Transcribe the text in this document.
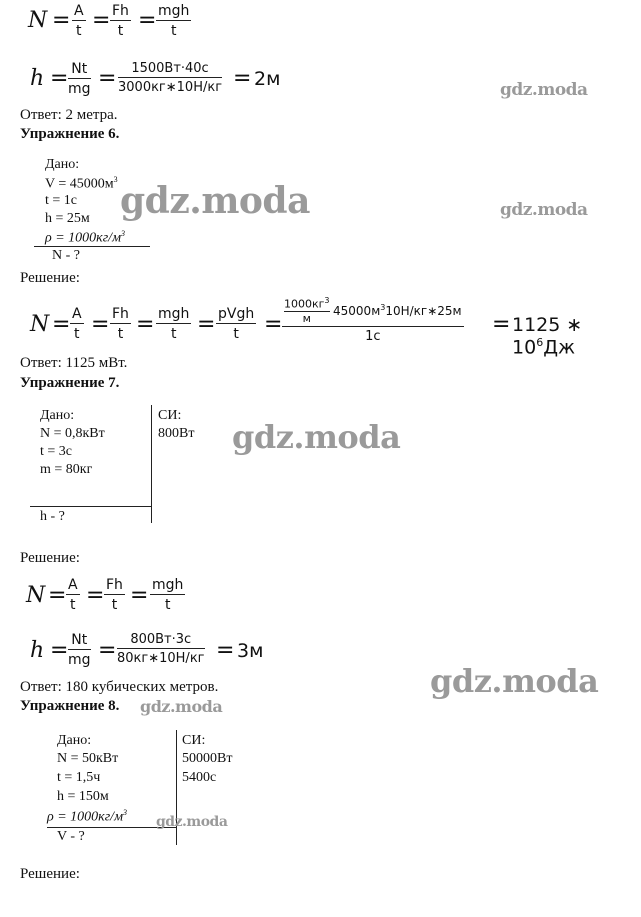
$N = \frac{A}{t} = \frac{Fh}{t}$ = mgh
t
$h = \frac{Nt}{mg}$ =	1500Вт·40с
3000кг∗10Н/кг = 2м	gdz.moda
Ответ: 2 метра.
Упражнение 6.
Дано:
$V = 45000м^3$
t = 1c
h = 25м
$\rho = 1000кг/м^3$
N - ?
gdz.moda	gdz.moda
Решение:
$N = \frac{A}{t} = \frac{Fh}{t}$ = mgh
t = pVgh
t	=
$1000кг^3$
м
$45000м^310Н/кг∗25м$
1с	= 1125 ∗ $10^6Дж$
Ответ: 1125 мВт.
Упражнение 7.
Дано:
N = 0,8кВт
t = 3c
m = 80кг
h - ?
СИ:
800Вт gdz.moda
Решение:
$N = \frac{A}{t} = \frac{Fh}{t}$ = mgh
t
$h = \frac{Nt}{mg}$ =	800Вт·3с
80кг∗10Н/кг = 3м
gdz.moda
Ответ: 180 кубических метров.
Упражнение 8. gdz.moda
Дано:
N = 50кВт
t = 1,5ч
h = 150м
$\rho = 1000кг/м^3$
V - ?
СИ:
50000Вт
5400с
gdz.moda
Решение:
